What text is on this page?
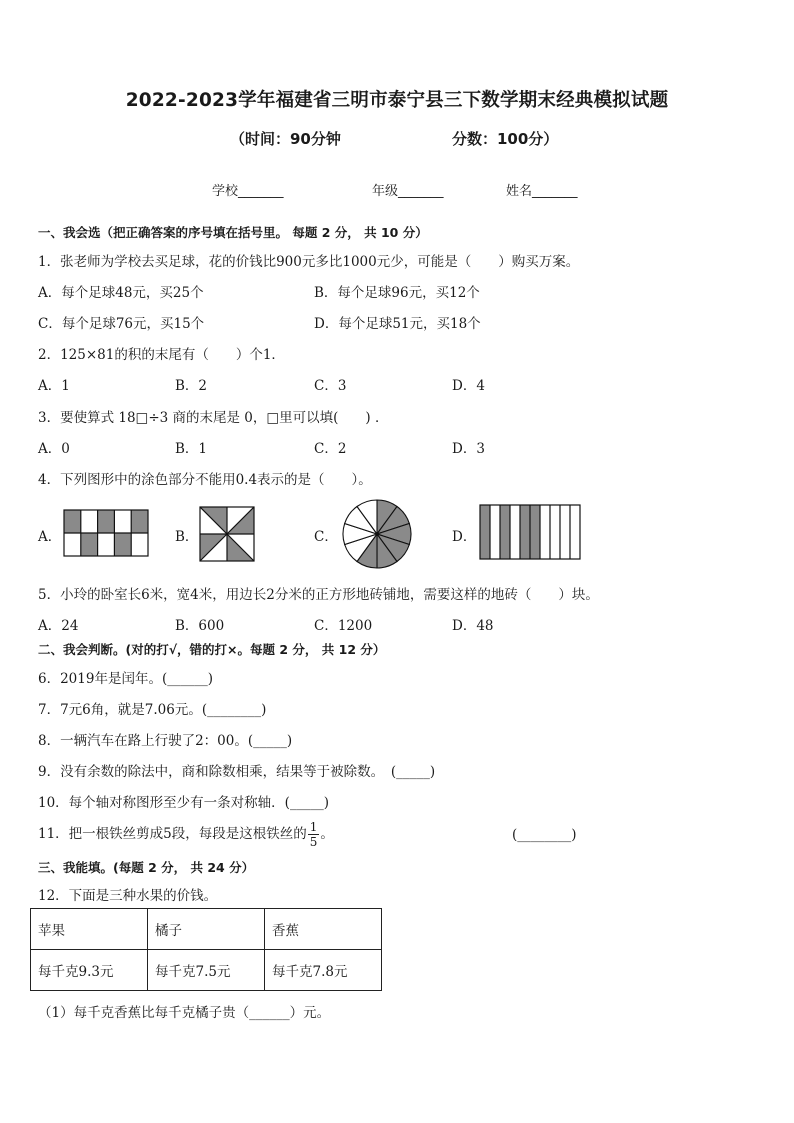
2022-2023学年福建省三明市泰宁县三下数学期末经典模拟试题
（时间：90分钟	分数：100分）
学校_______	年级_______	姓名_______
一、我会选（把正确答案的序号填在括号里。 每题 2 分， 共 10 分）
1．张老师为学校去买足球，花的价钱比900元多比1000元少，可能是（　　）购买万案。
A．每个足球48元，买25个	B．每个足球96元，买12个
C．每个足球76元，买15个	D．每个足球51元，买18个
2．125×81的积的末尾有（　　）个1．
A．1	B．2	C．3	D．4
3．要使算式 18□÷3 商的末尾是 0，□里可以填(　　) ．
A．0	B．1	C．2	D．3
4．下列图形中的涂色部分不能用0.4表示的是（　　）。
A．	B．	C．	D．
5．小玲的卧室长6米，宽4米，用边长2分米的正方形地砖铺地，需要这样的地砖（　　）块。
A．24	B．600	C．1200	D．48
二、我会判断。(对的打√，错的打×。每题 2 分， 共 12 分）
6．2019年是闰年。(______)
7．7元6角，就是7.06元。(________)
8．一辆汽车在路上行驶了2：00。(_____)
9．没有余数的除法中，商和除数相乘，结果等于被除数。　(_____)
10．每个轴对称图形至少有一条对称轴．(_____)
11．把一根铁丝剪成5段，每段是这根铁丝的 $\frac{1}{5}$ 。	(________)
三、我能填。(每题 2 分， 共 24 分）
12．下面是三种水果的价钱。
苹果	橘子	香蕉
每千克9.3元	每千克7.5元	每千克7.8元
（1）每千克香蕉比每千克橘子贵（______）元。
